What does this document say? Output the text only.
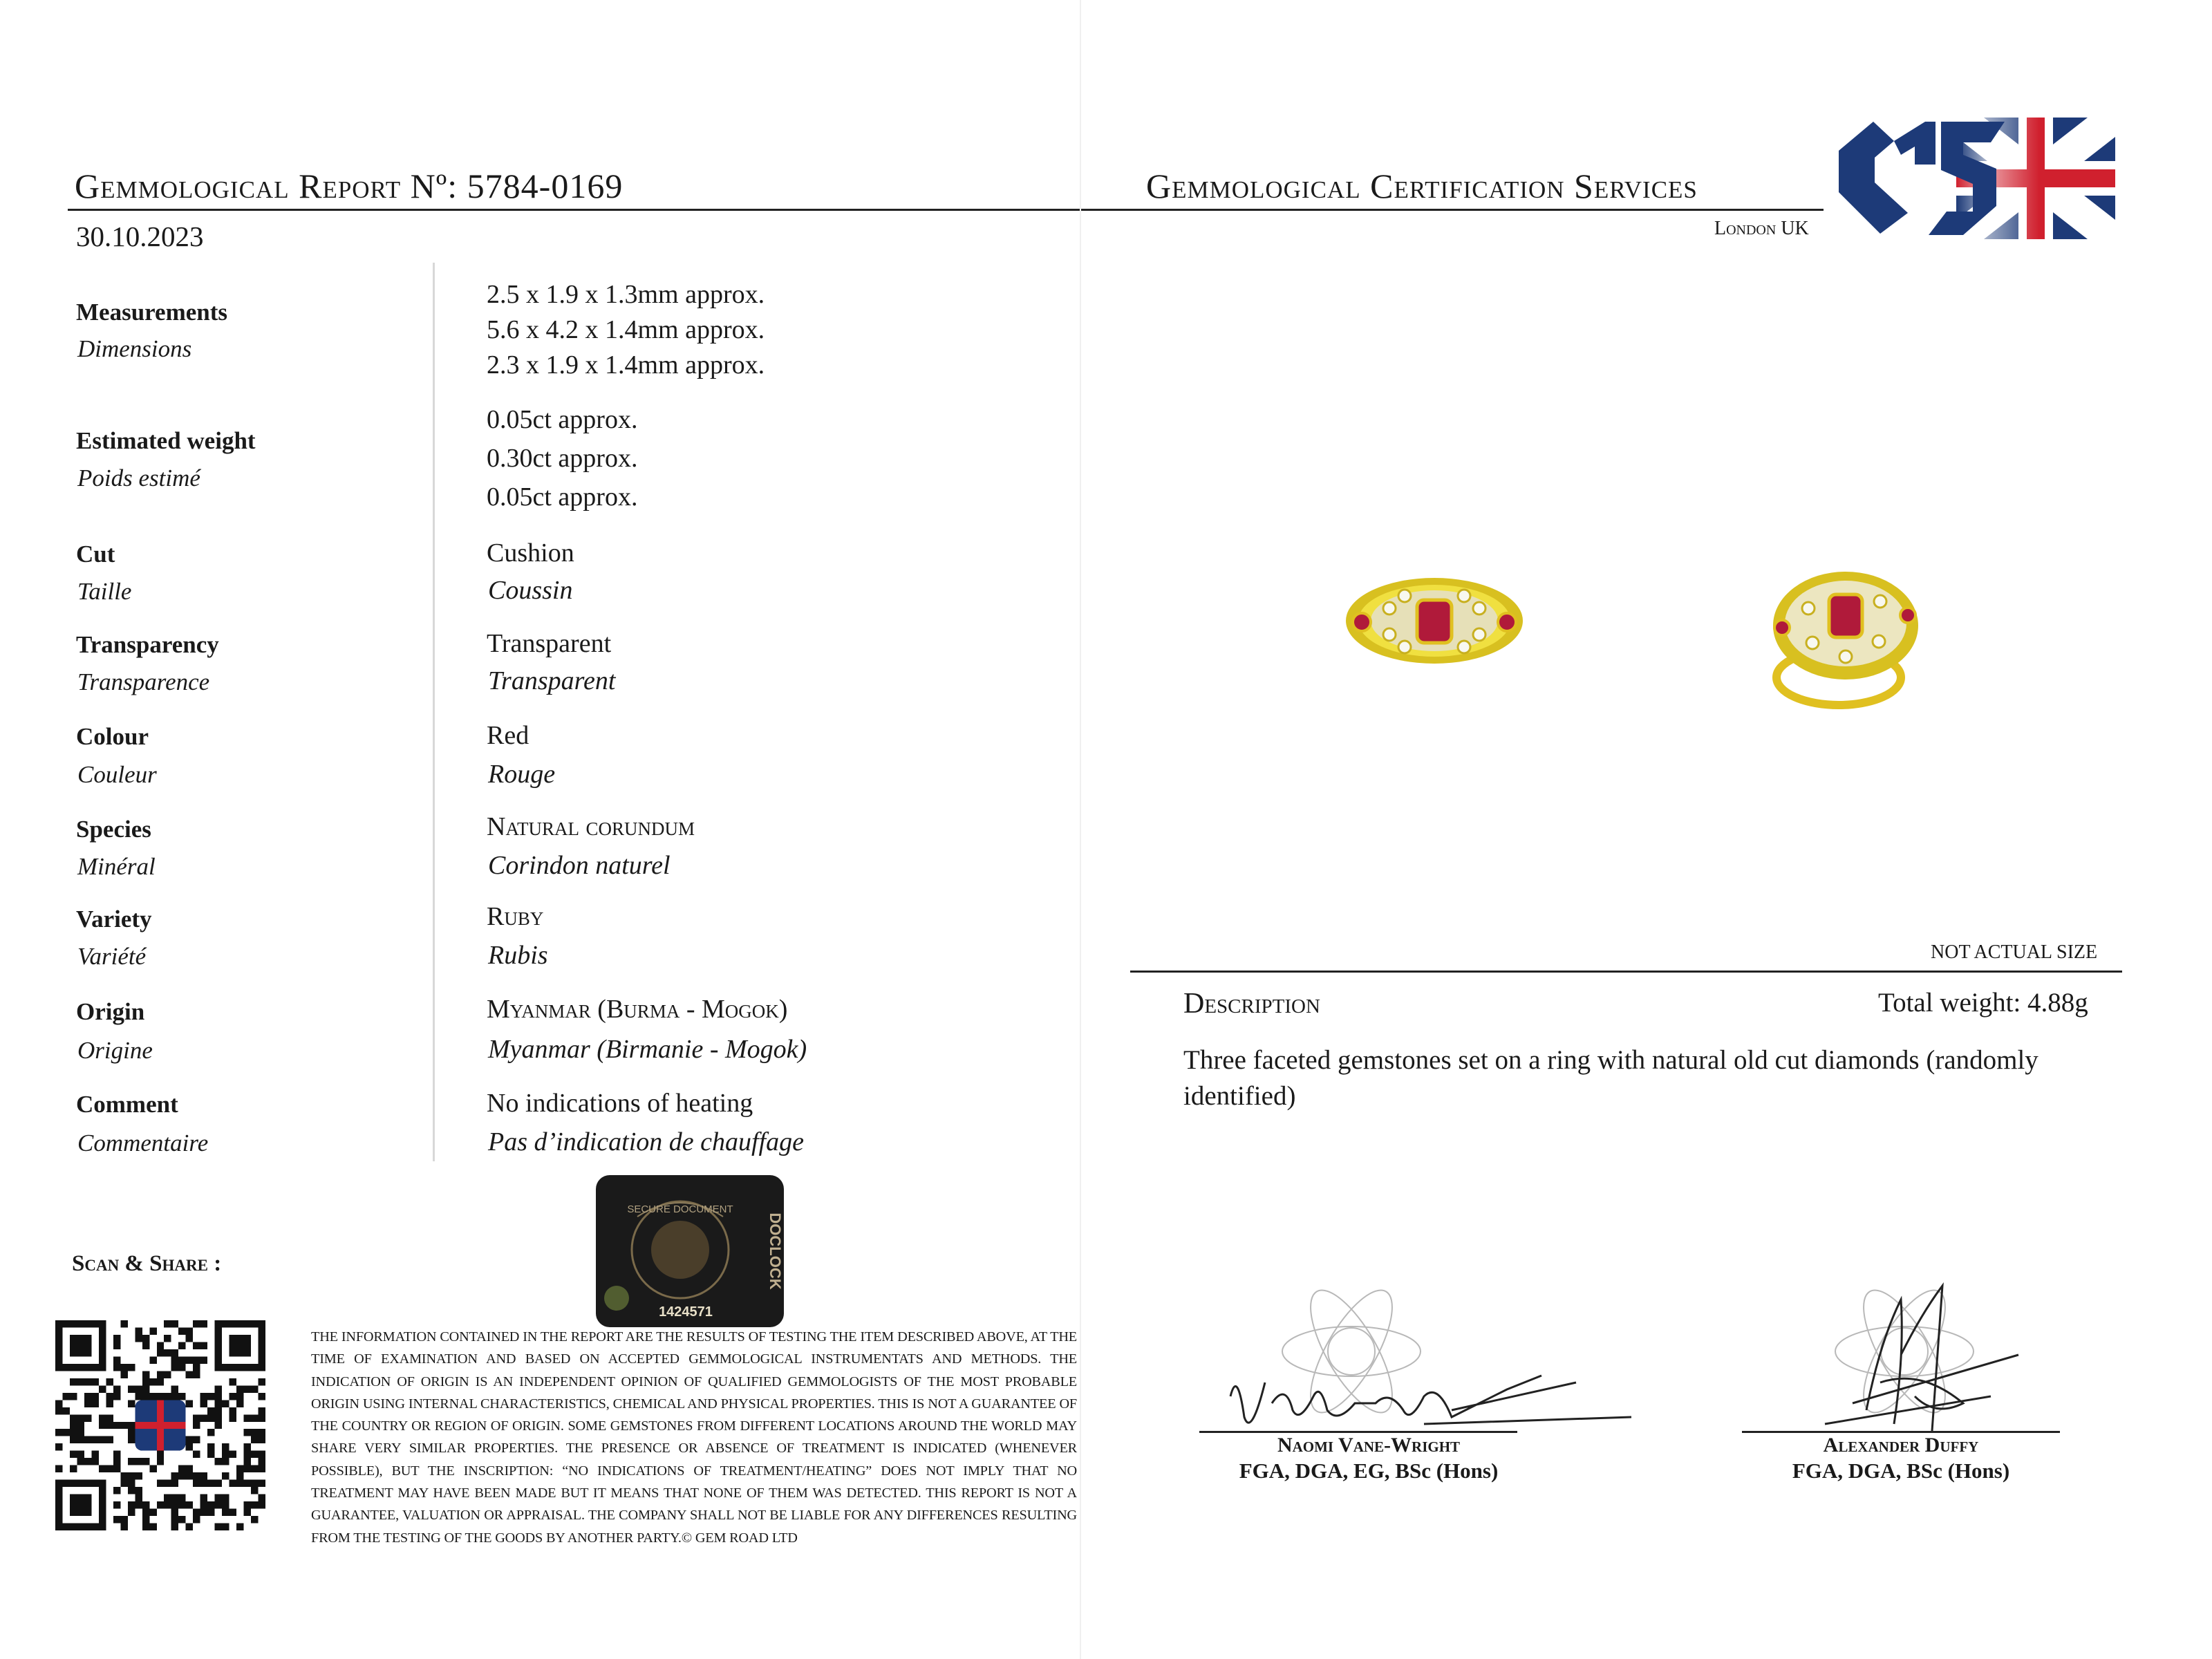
Gemmological Report Nº: 5784-0169
30.10.2023
Gemmological Certification Services
London UK
Measurements
Dimensions
2.5 x 1.9 x 1.3mm approx.
5.6 x 4.2 x 1.4mm approx.
2.3 x 1.9 x 1.4mm approx.
Estimated weight
Poids estimé
0.05ct approx.
0.30ct approx.
0.05ct approx.
Cut
Taille
Cushion
Coussin
Transparency
Transparence
Transparent
Transparent
Colour
Couleur
Red
Rouge
Species
Minéral
Natural corundum
Corindon naturel
Variety
Variété
Ruby
Rubis
Origin
Origine
Myanmar (Burma - Mogok)
Myanmar (Birmanie - Mogok)
Comment
Commentaire
No indications of heating
Pas d’indication de chauffage
NOT ACTUAL SIZE
Description	Total weight: 4.88g
Three faceted gemstones set on a ring with natural old cut diamonds (randomly identified)
SECURE DOCUMENT
DOCLOCK
1424571
Scan & Share :
THE INFORMATION CONTAINED IN THE REPORT ARE THE RESULTS OF TESTING THE ITEM DESCRIBED ABOVE, AT THE TIME OF EXAMINATION AND BASED ON ACCEPTED GEMMOLOGICAL INSTRUMENTATS AND METHODS. THE INDICATION OF ORIGIN IS AN INDEPENDENT OPINION OF QUALIFIED GEMMOLOGISTS OF THE MOST PROBABLE ORIGIN USING INTERNAL CHARACTERISTICS, CHEMICAL AND PHYSICAL PROPERTIES. THIS IS NOT A GUARANTEE OF THE COUNTRY OR REGION OF ORIGIN. SOME GEMSTONES FROM DIFFERENT LOCATIONS AROUND THE WORLD MAY SHARE VERY SIMILAR PROPERTIES. THE PRESENCE OR ABSENCE OF TREATMENT IS INDICATED (WHENEVER POSSIBLE), BUT THE INSCRIPTION: “NO INDICATIONS OF TREATMENT/HEATING” DOES NOT IMPLY THAT NO TREATMENT MAY HAVE BEEN MADE BUT IT MEANS THAT NONE OF THEM WAS DETECTED. THIS REPORT IS NOT A GUARANTEE, VALUATION OR APPRAISAL. THE COMPANY SHALL NOT BE LIABLE FOR ANY DIFFERENCES RESULTING FROM THE TESTING OF THE GOODS BY ANOTHER PARTY.© GEM ROAD LTD
Naomi Vane-Wright
FGA, DGA, EG, BSc (Hons)
Alexander Duffy
FGA, DGA, BSc (Hons)
